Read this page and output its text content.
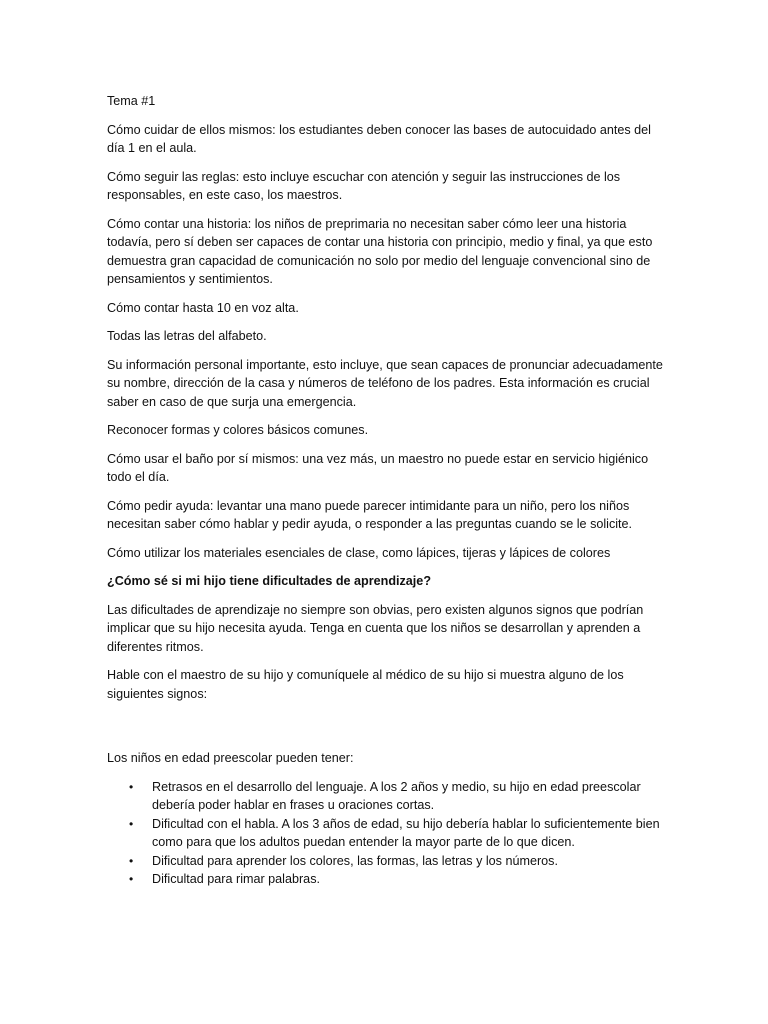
Tema #1

Cómo cuidar de ellos mismos: los estudiantes deben conocer las bases de autocuidado antes del día 1 en el aula.

Cómo seguir las reglas: esto incluye escuchar con atención y seguir las instrucciones de los responsables, en este caso, los maestros.

Cómo contar una historia: los niños de preprimaria no necesitan saber cómo leer una historia todavía, pero sí deben ser capaces de contar una historia con principio, medio y final, ya que esto demuestra gran capacidad de comunicación no solo por medio del lenguaje convencional sino de pensamientos y sentimientos.

Cómo contar hasta 10 en voz alta.

Todas las letras del alfabeto.

Su información personal importante, esto incluye, que sean capaces de pronunciar adecuadamente su nombre, dirección de la casa y números de teléfono de los padres. Esta información es crucial saber en caso de que surja una emergencia.

Reconocer formas y colores básicos comunes.

Cómo usar el baño por sí mismos: una vez más, un maestro no puede estar en servicio higiénico todo el día.

Cómo pedir ayuda: levantar una mano puede parecer intimidante para un niño, pero los niños necesitan saber cómo hablar y pedir ayuda, o responder a las preguntas cuando se le solicite.

Cómo utilizar los materiales esenciales de clase, como lápices, tijeras y lápices de colores

¿Cómo sé si mi hijo tiene dificultades de aprendizaje?

Las dificultades de aprendizaje no siempre son obvias, pero existen algunos signos que podrían implicar que su hijo necesita ayuda. Tenga en cuenta que los niños se desarrollan y aprenden a diferentes ritmos.

Hable con el maestro de su hijo y comuníquele al médico de su hijo si muestra alguno de los siguientes signos:

Los niños en edad preescolar pueden tener:

• Retrasos en el desarrollo del lenguaje. A los 2 años y medio, su hijo en edad preescolar debería poder hablar en frases u oraciones cortas.
• Dificultad con el habla. A los 3 años de edad, su hijo debería hablar lo suficientemente bien como para que los adultos puedan entender la mayor parte de lo que dicen.
• Dificultad para aprender los colores, las formas, las letras y los números.
• Dificultad para rimar palabras.
